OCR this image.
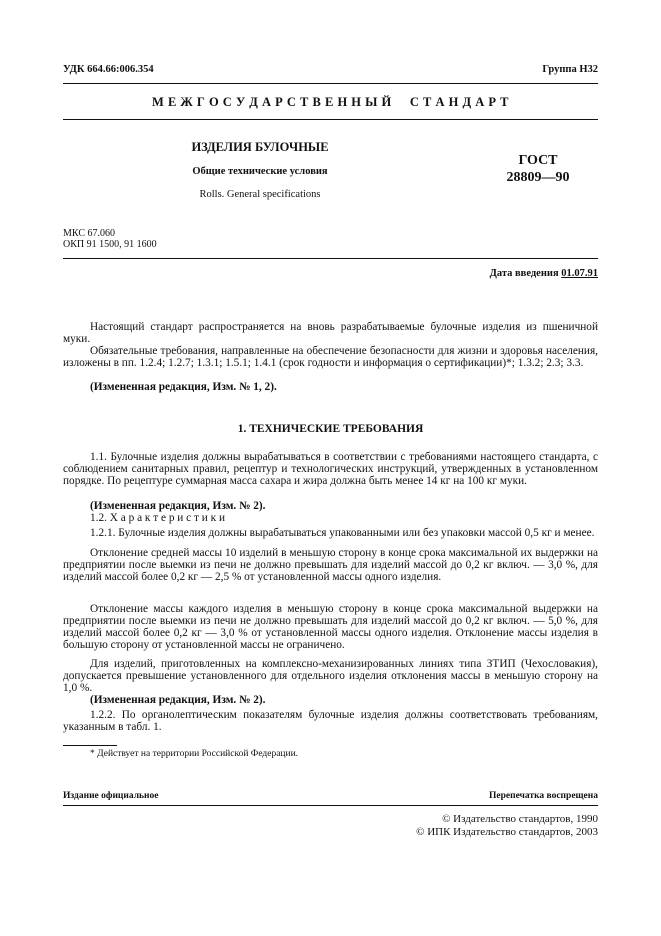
УДК 664.66:006.354	Группа Н32
М Е Ж Г О С У Д А Р С Т В Е Н Н Ы Й     С Т А Н Д А Р Т
ИЗДЕЛИЯ БУЛОЧНЫЕ
Общие технические условия
Rolls. General specifications
ГОСТ
28809—90
МКС 67.060
ОКП 91 1500, 91 1600
Дата введения 01.07.91
Настоящий стандарт распространяется на вновь разрабатываемые булочные изделия из пшеничной муки.
Обязательные требования, направленные на обеспечение безопасности для жизни и здоровья населения, изложены в пп. 1.2.4; 1.2.7; 1.3.1; 1.5.1; 1.4.1 (срок годности и информация о сертификации)*; 1.3.2; 2.3; 3.3.
(Измененная редакция, Изм. № 1, 2).
1. ТЕХНИЧЕСКИЕ ТРЕБОВАНИЯ
1.1. Булочные изделия должны вырабатываться в соответствии с требованиями настоящего стандарта, с соблюдением санитарных правил, рецептур и технологических инструкций, утвержденных в установленном порядке. По рецептуре суммарная масса сахара и жира должна быть менее 14 кг на 100 кг муки.
(Измененная редакция, Изм. № 2).
1.2. Х а р а к т е р и с т и к и
1.2.1. Булочные изделия должны вырабатываться упакованными или без упаковки массой 0,5 кг и менее.
Отклонение средней массы 10 изделий в меньшую сторону в конце срока максимальной их выдержки на предприятии после выемки из печи не должно превышать для изделий массой до 0,2 кг включ. — 3,0 %, для изделий массой более 0,2 кг — 2,5 % от установленной массы одного изделия.
Отклонение массы каждого изделия в меньшую сторону в конце срока максимальной выдержки на предприятии после выемки из печи не должно превышать для изделий массой до 0,2 кг включ. — 5,0 %, для изделий массой более 0,2 кг — 3,0 % от установленной массы одного изделия. Отклонение массы изделия в большую сторону от установленной массы не ограничено.
Для изделий, приготовленных на комплексно-механизированных линиях типа ЗТИП (Чехословакия), допускается превышение установленного для отдельного изделия отклонения массы в меньшую сторону на 1,0 %.
(Измененная редакция, Изм. № 2).
1.2.2. По органолептическим показателям булочные изделия должны соответствовать требованиям, указанным в табл. 1.
* Действует на территории Российской Федерации.
Издание официальное	Перепечатка воспрещена
© Издательство стандартов, 1990
© ИПК Издательство стандартов, 2003
